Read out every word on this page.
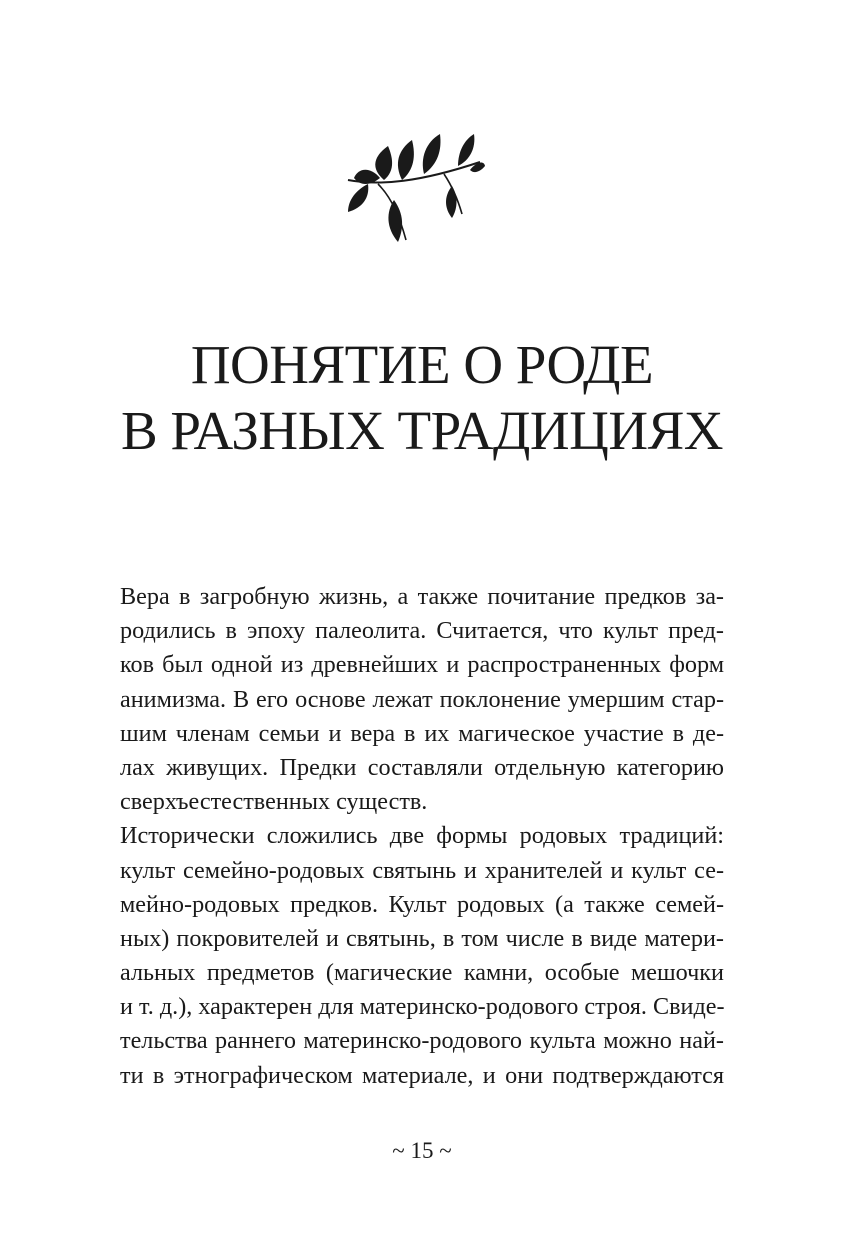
ПОНЯТИЕ О РОДЕ
В РАЗНЫХ ТРАДИЦИЯХ
Вера в загробную жизнь, а также почитание предков за-
родились в эпоху палеолита. Считается, что культ пред-
ков был одной из древнейших и распространенных форм
анимизма. В его основе лежат поклонение умершим стар-
шим членам семьи и вера в их магическое участие в де-
лах живущих. Предки составляли отдельную категорию
сверхъестественных существ.
Исторически сложились две формы родовых традиций:
культ семейно-родовых святынь и хранителей и культ се-
мейно-родовых предков. Культ родовых (а также семей-
ных) покровителей и святынь, в том числе в виде матери-
альных предметов (магические камни, особые мешочки
и т. д.), характерен для материнско-родового строя. Свиде-
тельства раннего материнско-родового культа можно най-
ти в этнографическом материале, и они подтверждаются
~ 15 ~
